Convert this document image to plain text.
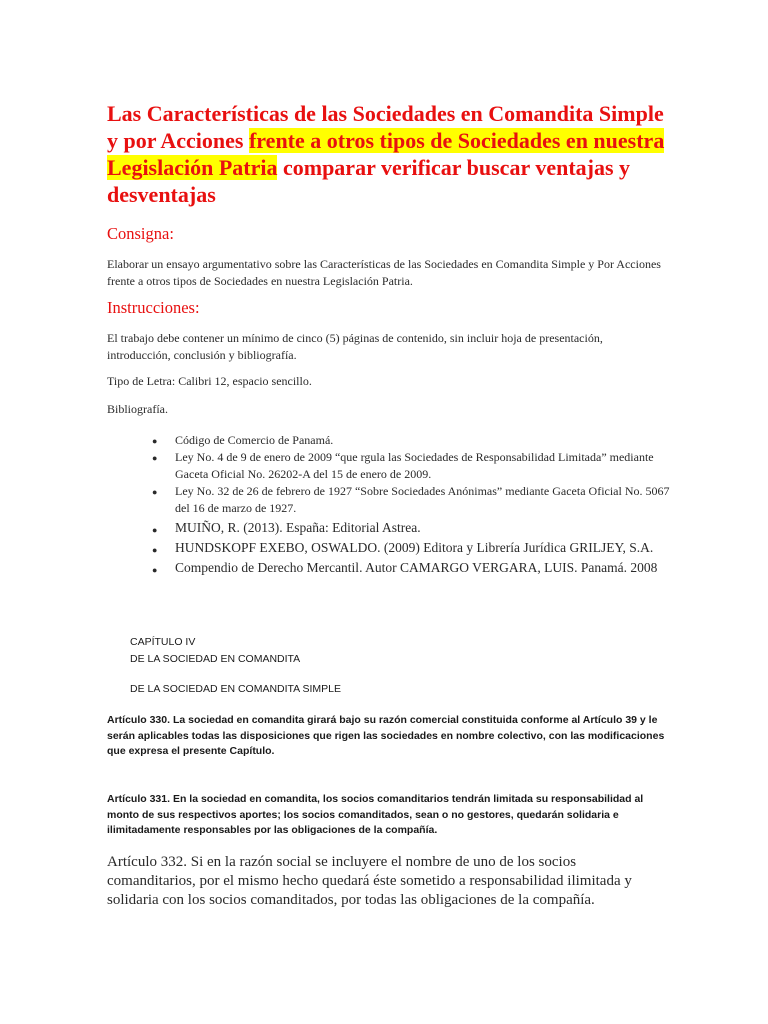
Las Características de las Sociedades en Comandita Simple y por Acciones frente a otros tipos de Sociedades en nuestra Legislación Patria comparar verificar buscar ventajas y desventajas
Consigna:

Elaborar un ensayo argumentativo sobre las Características de las Sociedades en Comandita Simple y Por Acciones frente a otros tipos de Sociedades en nuestra Legislación Patria.

Instrucciones:

El trabajo debe contener un mínimo de cinco (5) páginas de contenido, sin incluir hoja de presentación, introducción, conclusión y bibliografía.

Tipo de Letra: Calibri 12, espacio sencillo.

Bibliografía.

● Código de Comercio de Panamá.
● Ley No. 4 de 9 de enero de 2009 “que rgula las Sociedades de Responsabilidad Limitada” mediante Gaceta Oficial No. 26202-A del 15 de enero de 2009.
● Ley No. 32 de 26 de febrero de 1927 “Sobre Sociedades Anónimas” mediante Gaceta Oficial No. 5067 del 16 de marzo de 1927.
● MUIÑO, R. (2013). España: Editorial Astrea.
● HUNDSKOPF EXEBO, OSWALDO. (2009) Editora y Librería Jurídica GRILJEY, S.A.
● Compendio de Derecho Mercantil. Autor CAMARGO VERGARA, LUIS. Panamá. 2008

CAPÍTULO IV

DE LA SOCIEDAD EN COMANDITA

DE LA SOCIEDAD EN COMANDITA SIMPLE

Artículo 330. La sociedad en comandita girará bajo su razón comercial constituida conforme al Artículo 39 y le serán aplicables todas las disposiciones que rigen las sociedades en nombre colectivo, con las modificaciones que expresa el presente Capítulo.

Artículo 331. En la sociedad en comandita, los socios comanditarios tendrán limitada su responsabilidad al monto de sus respectivos aportes; los socios comanditados, sean o no gestores, quedarán solidaria e ilimitadamente responsables por las obligaciones de la compañía.

Artículo 332. Si en la razón social se incluyere el nombre de uno de los socios comanditarios, por el mismo hecho quedará éste sometido a responsabilidad ilimitada y solidaria con los socios comanditados, por todas las obligaciones de la compañía.
